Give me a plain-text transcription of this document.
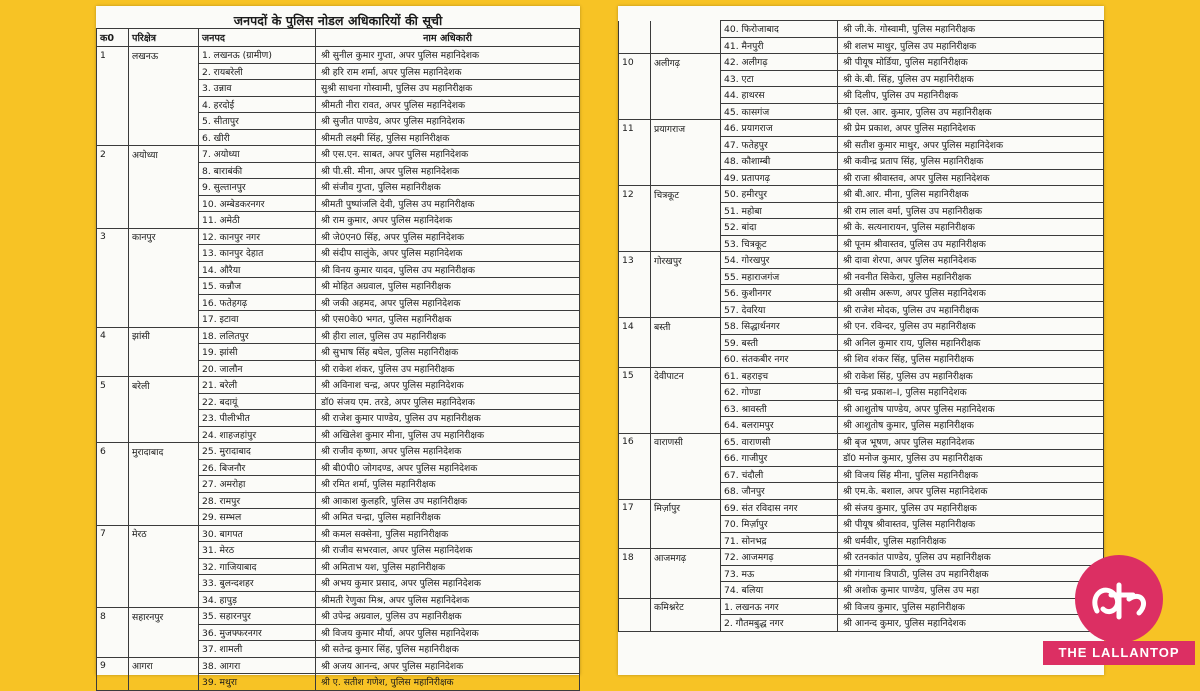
जनपदों के पुलिस नोडल अधिकारियों की सूची
क0	परिक्षेत्र	जनपद	नाम अधिकारी
1	लखनऊ	1. लखनऊ (ग्रामीण)	श्री सुनील कुमार गुप्ता, अपर पुलिस महानिदेशक
		2. रायबरेली	श्री हरि राम शर्मा, अपर पुलिस महानिदेशक
		3. उन्नाव	सुश्री साधना गोस्वामी, पुलिस उप महानिरीक्षक
		4. हरदोई	श्रीमती नीरा रावत, अपर पुलिस महानिदेशक
		5. सीतापुर	श्री सुजीत पाण्डेय, अपर पुलिस महानिदेशक
		6. खीरी	श्रीमती लक्ष्मी सिंह, पुलिस महानिरीक्षक
2	अयोध्या	7. अयोध्या	श्री एस.एन. साबत, अपर पुलिस महानिदेशक
		8. बाराबंकी	श्री पी.सी. मीना, अपर पुलिस महानिदेशक
		9. सुल्तानपुर	श्री संजीव गुप्ता, पुलिस महानिरीक्षक
		10. अम्बेडकरनगर	श्रीमती पुष्पांजलि देवी, पुलिस उप महानिरीक्षक
		11. अमेठी	श्री राम कुमार, अपर पुलिस महानिदेशक
3	कानपुर	12. कानपुर नगर	श्री जे0एन0 सिंह, अपर पुलिस महानिदेशक
		13. कानपुर देहात	श्री संदीप सालुंके, अपर पुलिस महानिदेशक
		14. औरैया	श्री विनय कुमार यादव, पुलिस उप महानिरीक्षक
		15. कन्नौज	श्री मोहित अग्रवाल, पुलिस महानिरीक्षक
		16. फतेहगढ़	श्री जकी अहमद, अपर पुलिस महानिदेशक
		17. इटावा	श्री एस0के0 भगत, पुलिस महानिरीक्षक
4	झांसी	18. ललितपुर	श्री हीरा लाल, पुलिस उप महानिरीक्षक
		19. झांसी	श्री सुभाष सिंह बघेल, पुलिस महानिरीक्षक
		20. जालौन	श्री राकेश शंकर, पुलिस उप महानिरीक्षक
5	बरेली	21. बरेली	श्री अविनाश चन्द्र, अपर पुलिस महानिदेशक
		22. बदायूं	डॉ0 संजय एम. तरडे, अपर पुलिस महानिदेशक
		23. पीलीभीत	श्री राजेश कुमार पाण्डेय, पुलिस उप महानिरीक्षक
		24. शाहजहांपुर	श्री अखिलेश कुमार मीना, पुलिस उप महानिरीक्षक
6	मुरादाबाद	25. मुरादाबाद	श्री राजीव कृष्णा, अपर पुलिस महानिदेशक
		26. बिजनौर	श्री बी0पी0 जोगदण्ड, अपर पुलिस महानिदेशक
		27. अमरोहा	श्री रमित शर्मा, पुलिस महानिरीक्षक
		28. रामपुर	श्री आकाश कुलहरि, पुलिस उप महानिरीक्षक
		29. सम्भल	श्री अमित चन्द्रा, पुलिस महानिरीक्षक
7	मेरठ	30. बागपत	श्री कमल सक्सेना, पुलिस महानिरीक्षक
		31. मेरठ	श्री राजीव सभरवाल, अपर पुलिस महानिदेशक
		32. गाजियाबाद	श्री अमिताभ यश, पुलिस महानिरीक्षक
		33. बुलन्दशहर	श्री अभय कुमार प्रसाद, अपर पुलिस महानिदेशक
		34. हापुड़	श्रीमती रेणुका मिश्र, अपर पुलिस महानिदेशक
8	सहारनपुर	35. सहारनपुर	श्री उपेन्द्र अग्रवाल, पुलिस उप महानिरीक्षक
		36. मुजफ्फरनगर	श्री विजय कुमार मौर्या, अपर पुलिस महानिदेशक
		37. शामली	श्री सतेन्द्र कुमार सिंह, पुलिस महानिरीक्षक
9	आगरा	38. आगरा	श्री अजय आनन्द, अपर पुलिस महानिदेशक
		39. मथुरा	श्री ए. सतीश गणेश, पुलिस महानिरीक्षक
		40. फिरोजाबाद	श्री जी.के. गोस्वामी, पुलिस महानिरीक्षक
		41. मैनपुरी	श्री शलभ माथुर, पुलिस उप महानिरीक्षक
10	अलीगढ़	42. अलीगढ़	श्री पीयूष मोर्डिया, पुलिस महानिरीक्षक
		43. एटा	श्री के.बी. सिंह, पुलिस उप महानिरीक्षक
		44. हाथरस	श्री दिलीप, पुलिस उप महानिरीक्षक
		45. कासगंज	श्री एल. आर. कुमार, पुलिस उप महानिरीक्षक
11	प्रयागराज	46. प्रयागराज	श्री प्रेम प्रकाश, अपर पुलिस महानिदेशक
		47. फतेहपुर	श्री सतीश कुमार माथुर, अपर पुलिस महानिदेशक
		48. कौशाम्बी	श्री कवीन्द्र प्रताप सिंह, पुलिस महानिरीक्षक
		49. प्रतापगढ़	श्री राजा श्रीवास्तव, अपर पुलिस महानिदेशक
12	चित्रकूट	50. हमीरपुर	श्री बी.आर. मीना, पुलिस महानिरीक्षक
		51. महोबा	श्री राम लाल वर्मा, पुलिस उप महानिरीक्षक
		52. बांदा	श्री के. सत्यनारायन, पुलिस महानिरीक्षक
		53. चित्रकूट	श्री पूनम श्रीवास्तव, पुलिस उप महानिरीक्षक
13	गोरखपुर	54. गोरखपुर	श्री दावा शेरपा, अपर पुलिस महानिदेशक
		55. महाराजगंज	श्री नवनीत सिकेरा, पुलिस महानिरीक्षक
		56. कुशीनगर	श्री असीम अरूण, अपर पुलिस महानिदेशक
		57. देवरिया	श्री राजेश मोदक, पुलिस उप महानिरीक्षक
14	बस्ती	58. सिद्धार्थनगर	श्री एन. रविन्दर, पुलिस उप महानिरीक्षक
		59. बस्ती	श्री अनिल कुमार राय, पुलिस महानिरीक्षक
		60. संतकबीर नगर	श्री शिव शंकर सिंह, पुलिस महानिरीक्षक
15	देवीपाटन	61. बहराइच	श्री राकेश सिंह, पुलिस उप महानिरीक्षक
		62. गोण्डा	श्री चन्द्र प्रकाश–I, पुलिस महानिदेशक
		63. श्रावस्ती	श्री आशुतोष पाण्डेय, अपर पुलिस महानिदेशक
		64. बलरामपुर	श्री आशुतोष कुमार, पुलिस महानिरीक्षक
16	वाराणसी	65. वाराणसी	श्री बृज भूषण, अपर पुलिस महानिदेशक
		66. गाजीपुर	डॉ0 मनोज कुमार, पुलिस उप महानिरीक्षक
		67. चंदौली	श्री विजय सिंह मीना, पुलिस महानिरीक्षक
		68. जौनपुर	श्री एम.के. बशाल, अपर पुलिस महानिदेशक
17	मिर्ज़ापुर	69. संत रविदास नगर	श्री संजय कुमार, पुलिस उप महानिरीक्षक
		70. मिर्ज़ापुर	श्री पीयूष श्रीवास्तव, पुलिस महानिरीक्षक
		71. सोनभद्र	श्री धर्मवीर, पुलिस महानिरीक्षक
18	आजमगढ़	72. आजमगढ़	श्री रतनकांत पाण्डेय, पुलिस उप महानिरीक्षक
		73. मऊ	श्री गंगानाथ त्रिपाठी, पुलिस उप महानिरीक्षक
		74. बलिया	श्री अशोक कुमार पाण्डेय, पुलिस उप महा
	कमिश्नरेट	1. लखनऊ नगर	श्री विजय कुमार, पुलिस महानिरीक्षक
		2. गौतमबुद्ध नगर	श्री आनन्द कुमार, पुलिस महानिदेशक
THE LALLANTOP
